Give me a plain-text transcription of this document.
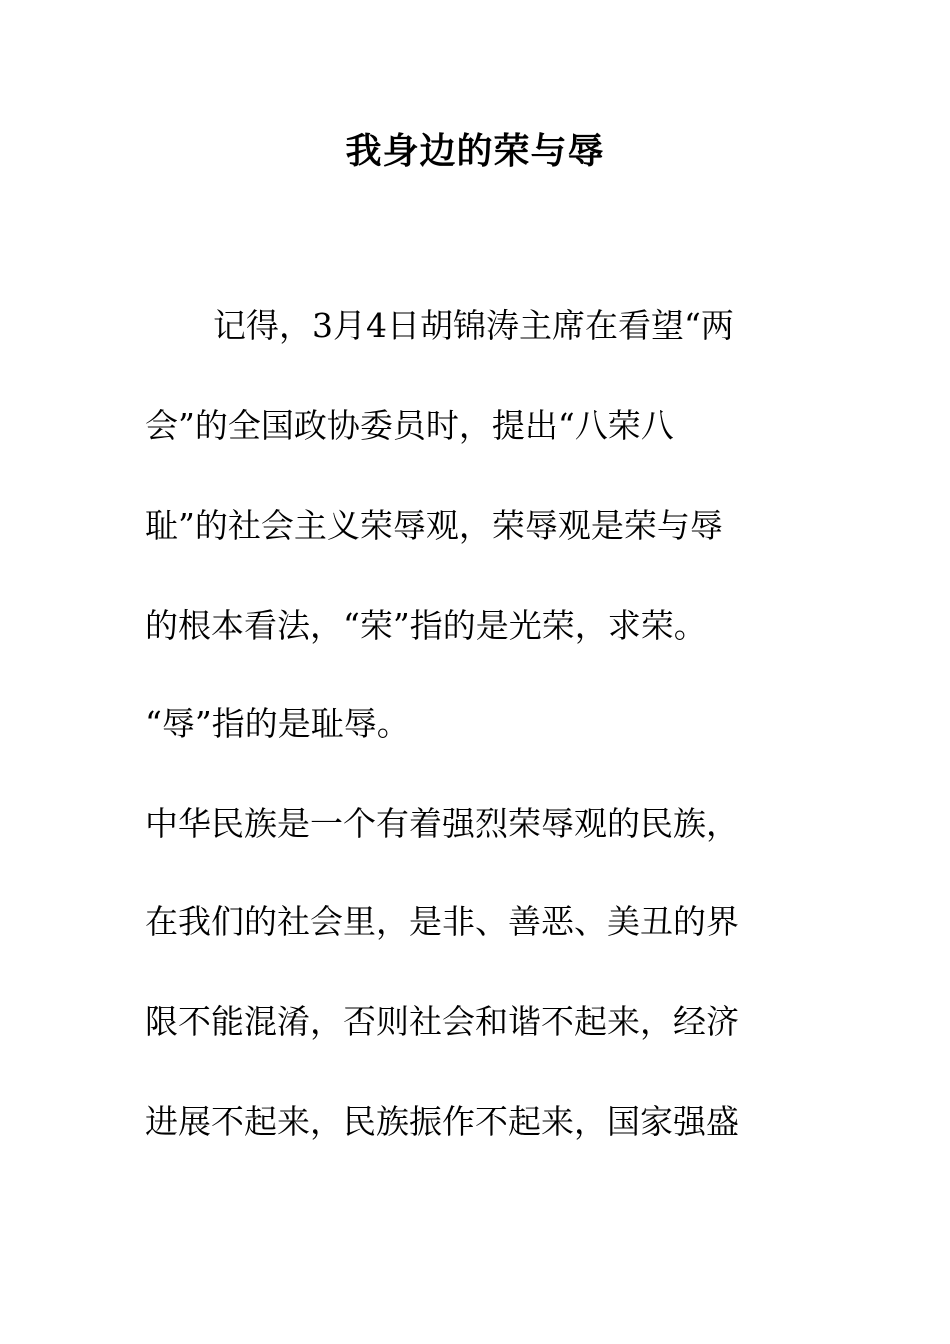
我身边的荣与辱
记得，3月4日胡锦涛主席在看望“两
会”的全国政协委员时，提出“八荣八
耻”的社会主义荣辱观，荣辱观是荣与辱
的根本看法，“荣”指的是光荣，求荣。
“辱”指的是耻辱。
中华民族是一个有着强烈荣辱观的民族，
在我们的社会里，是非、善恶、美丑的界
限不能混淆，否则社会和谐不起来，经济
进展不起来，民族振作不起来，国家强盛
